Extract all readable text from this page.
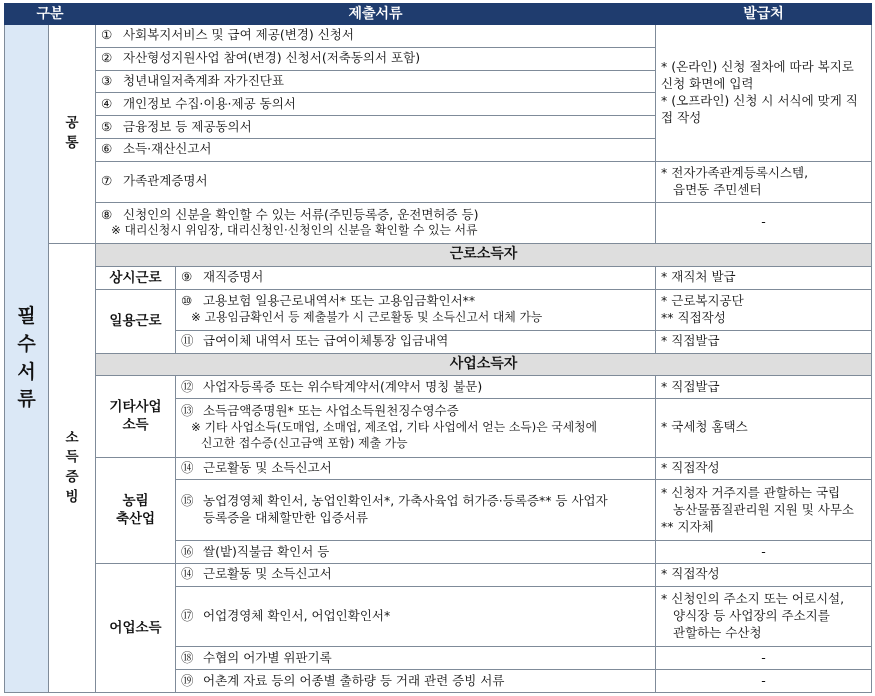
구분		제출서류		발급처
필수서류	공통	① 사회복지서비스 및 급여 제공(변경) 신청서		* (온라인) 신청 절차에 따라 복지로 신청 화면에 입력
* (오프라인) 신청 시 서식에 맞게 직접 작성

		② 자산형성지원사업 참여(변경) 신청서(저축동의서 포함)		
		③ 청년내일저축계좌 자가진단표		
		④ 개인정보 수집·이용·제공 동의서		
		⑤ 금융정보 등 제공동의서		
		⑥ 소득·재산신고서		
		⑦ 가족관계증명서		* 전자가족관계등록시스템,
읍면동 주민센터

		⑧ 신청인의 신분을 확인할 수 있는 서류(주민등록증, 운전면허증 등)
※ 대리신청시 위임장, 대리신청인·신청인의 신분을 확인할 수 있는 서류		-
	소득증빙	근로소득자		
		상시근로	⑨ 재직증명서	* 재직처 발급
		일용근로	⑩ 고용보험 일용근로내역서* 또는 고용임금확인서**
※ 고용임금확인서 등 제출불가 시 근로활동 및 소득신고서 대체 가능	* 근로복지공단
** 직접작성

			⑪ 급여이체 내역서 또는 급여이체통장 입금내역	* 직접발급
		사업소득자		
		기타사업소득	⑫ 사업자등록증 또는 위수탁계약서(계약서 명칭 불문)	* 직접발급
			⑬ 소득금액증명원* 또는 사업소득원천징수영수증
※ 기타 사업소득(도매업, 소매업, 제조업, 기타 사업에서 얻는 소득)은 국세청에
신고한 접수증(신고금액 포함) 제출 가능	* 국세청 홈택스

		농림
축산업	⑭ 근로활동 및 소득신고서	* 직접작성
			⑮ 농업경영체 확인서, 농업인확인서*, 가축사육업 허가증·등록증** 등 사업자
등록증을 대체할만한 입증서류	* 신청자 거주지를 관할하는 국립
농산물품질관리원 지원 및 사무소
** 지자체

			⑯ 쌀(밭)직불금 확인서 등	-
		어업소득	⑭ 근로활동 및 소득신고서	* 직접작성
			⑰ 어업경영체 확인서, 어업인확인서*	* 신청인의 주소지 또는 어로시설,
양식장 등 사업장의 주소지를
관할하는 수산청

			⑱ 수협의 어가별 위판기록	-
			⑲ 어촌계 자료 등의 어종별 출하량 등 거래 관련 증빙 서류	-
